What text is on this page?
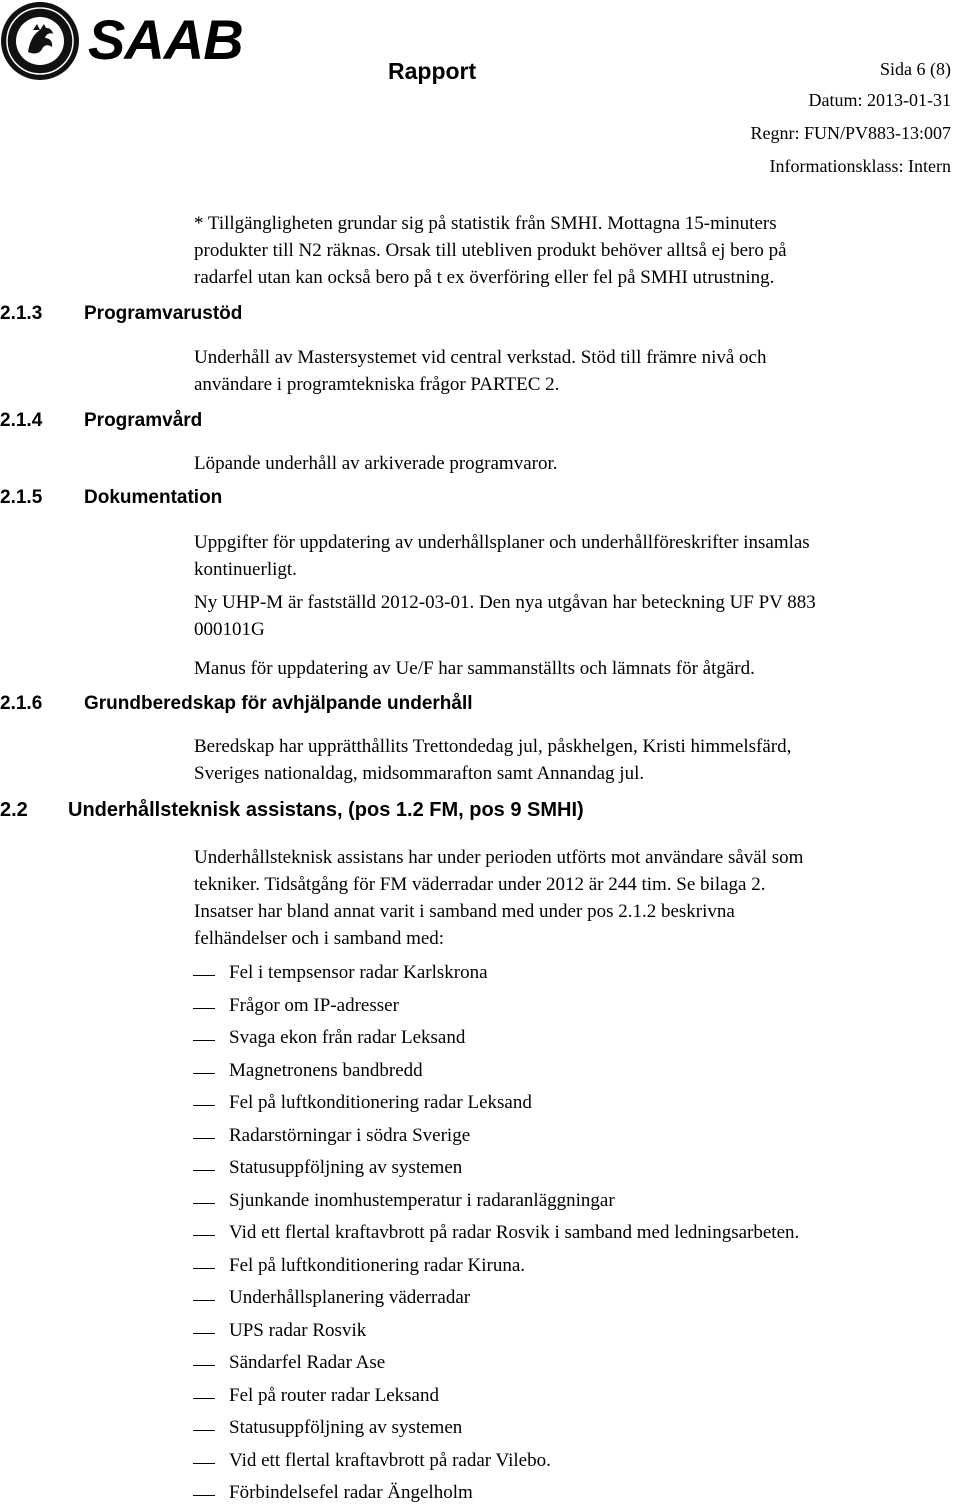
SAAB	Rapport	Sida 6 (8)
Datum: 2013-01-31
Regnr: FUN/PV883-13:007
Informationsklass: Intern
* Tillgängligheten grundar sig på statistik från SMHI. Mottagna 15-minuters
produkter till N2 räknas. Orsak till utebliven produkt behöver alltså ej bero på
radarfel utan kan också bero på t ex överföring eller fel på SMHI utrustning.
2.1.3 Programvarustöd
Underhåll av Mastersystemet vid central verkstad. Stöd till främre nivå och
användare i programtekniska frågor PARTEC 2.
2.1.4 Programvård
Löpande underhåll av arkiverade programvaror.
2.1.5 Dokumentation
Uppgifter för uppdatering av underhållsplaner och underhållföreskrifter insamlas
kontinuerligt.
Ny UHP-M är fastställd 2012-03-01. Den nya utgåvan har beteckning UF PV 883
000101G
Manus för uppdatering av Ue/F har sammanställts och lämnats för åtgärd.
2.1.6 Grundberedskap för avhjälpande underhåll
Beredskap har upprätthållits Trettondedag jul, påskhelgen, Kristi himmelsfärd,
Sveriges nationaldag, midsommarafton samt Annandag jul.
2.2 Underhållsteknisk assistans, (pos 1.2 FM, pos 9 SMHI)
Underhållsteknisk assistans har under perioden utförts mot användare såväl som
tekniker. Tidsåtgång för FM väderradar under 2012 är 244 tim. Se bilaga 2.
Insatser har bland annat varit i samband med under pos 2.1.2 beskrivna
felhändelser och i samband med:
Fel i tempsensor radar Karlskrona
Frågor om IP-adresser
Svaga ekon från radar Leksand
Magnetronens bandbredd
Fel på luftkonditionering radar Leksand
Radarstörningar i södra Sverige
Statusuppföljning av systemen
Sjunkande inomhustemperatur i radaranläggningar
Vid ett flertal kraftavbrott på radar Rosvik i samband med ledningsarbeten.
Fel på luftkonditionering radar Kiruna.
Underhållsplanering väderradar
UPS radar Rosvik
Sändarfel Radar Ase
Fel på router radar Leksand
Statusuppföljning av systemen
Vid ett flertal kraftavbrott på radar Vilebo.
Förbindelsefel radar Ängelholm
